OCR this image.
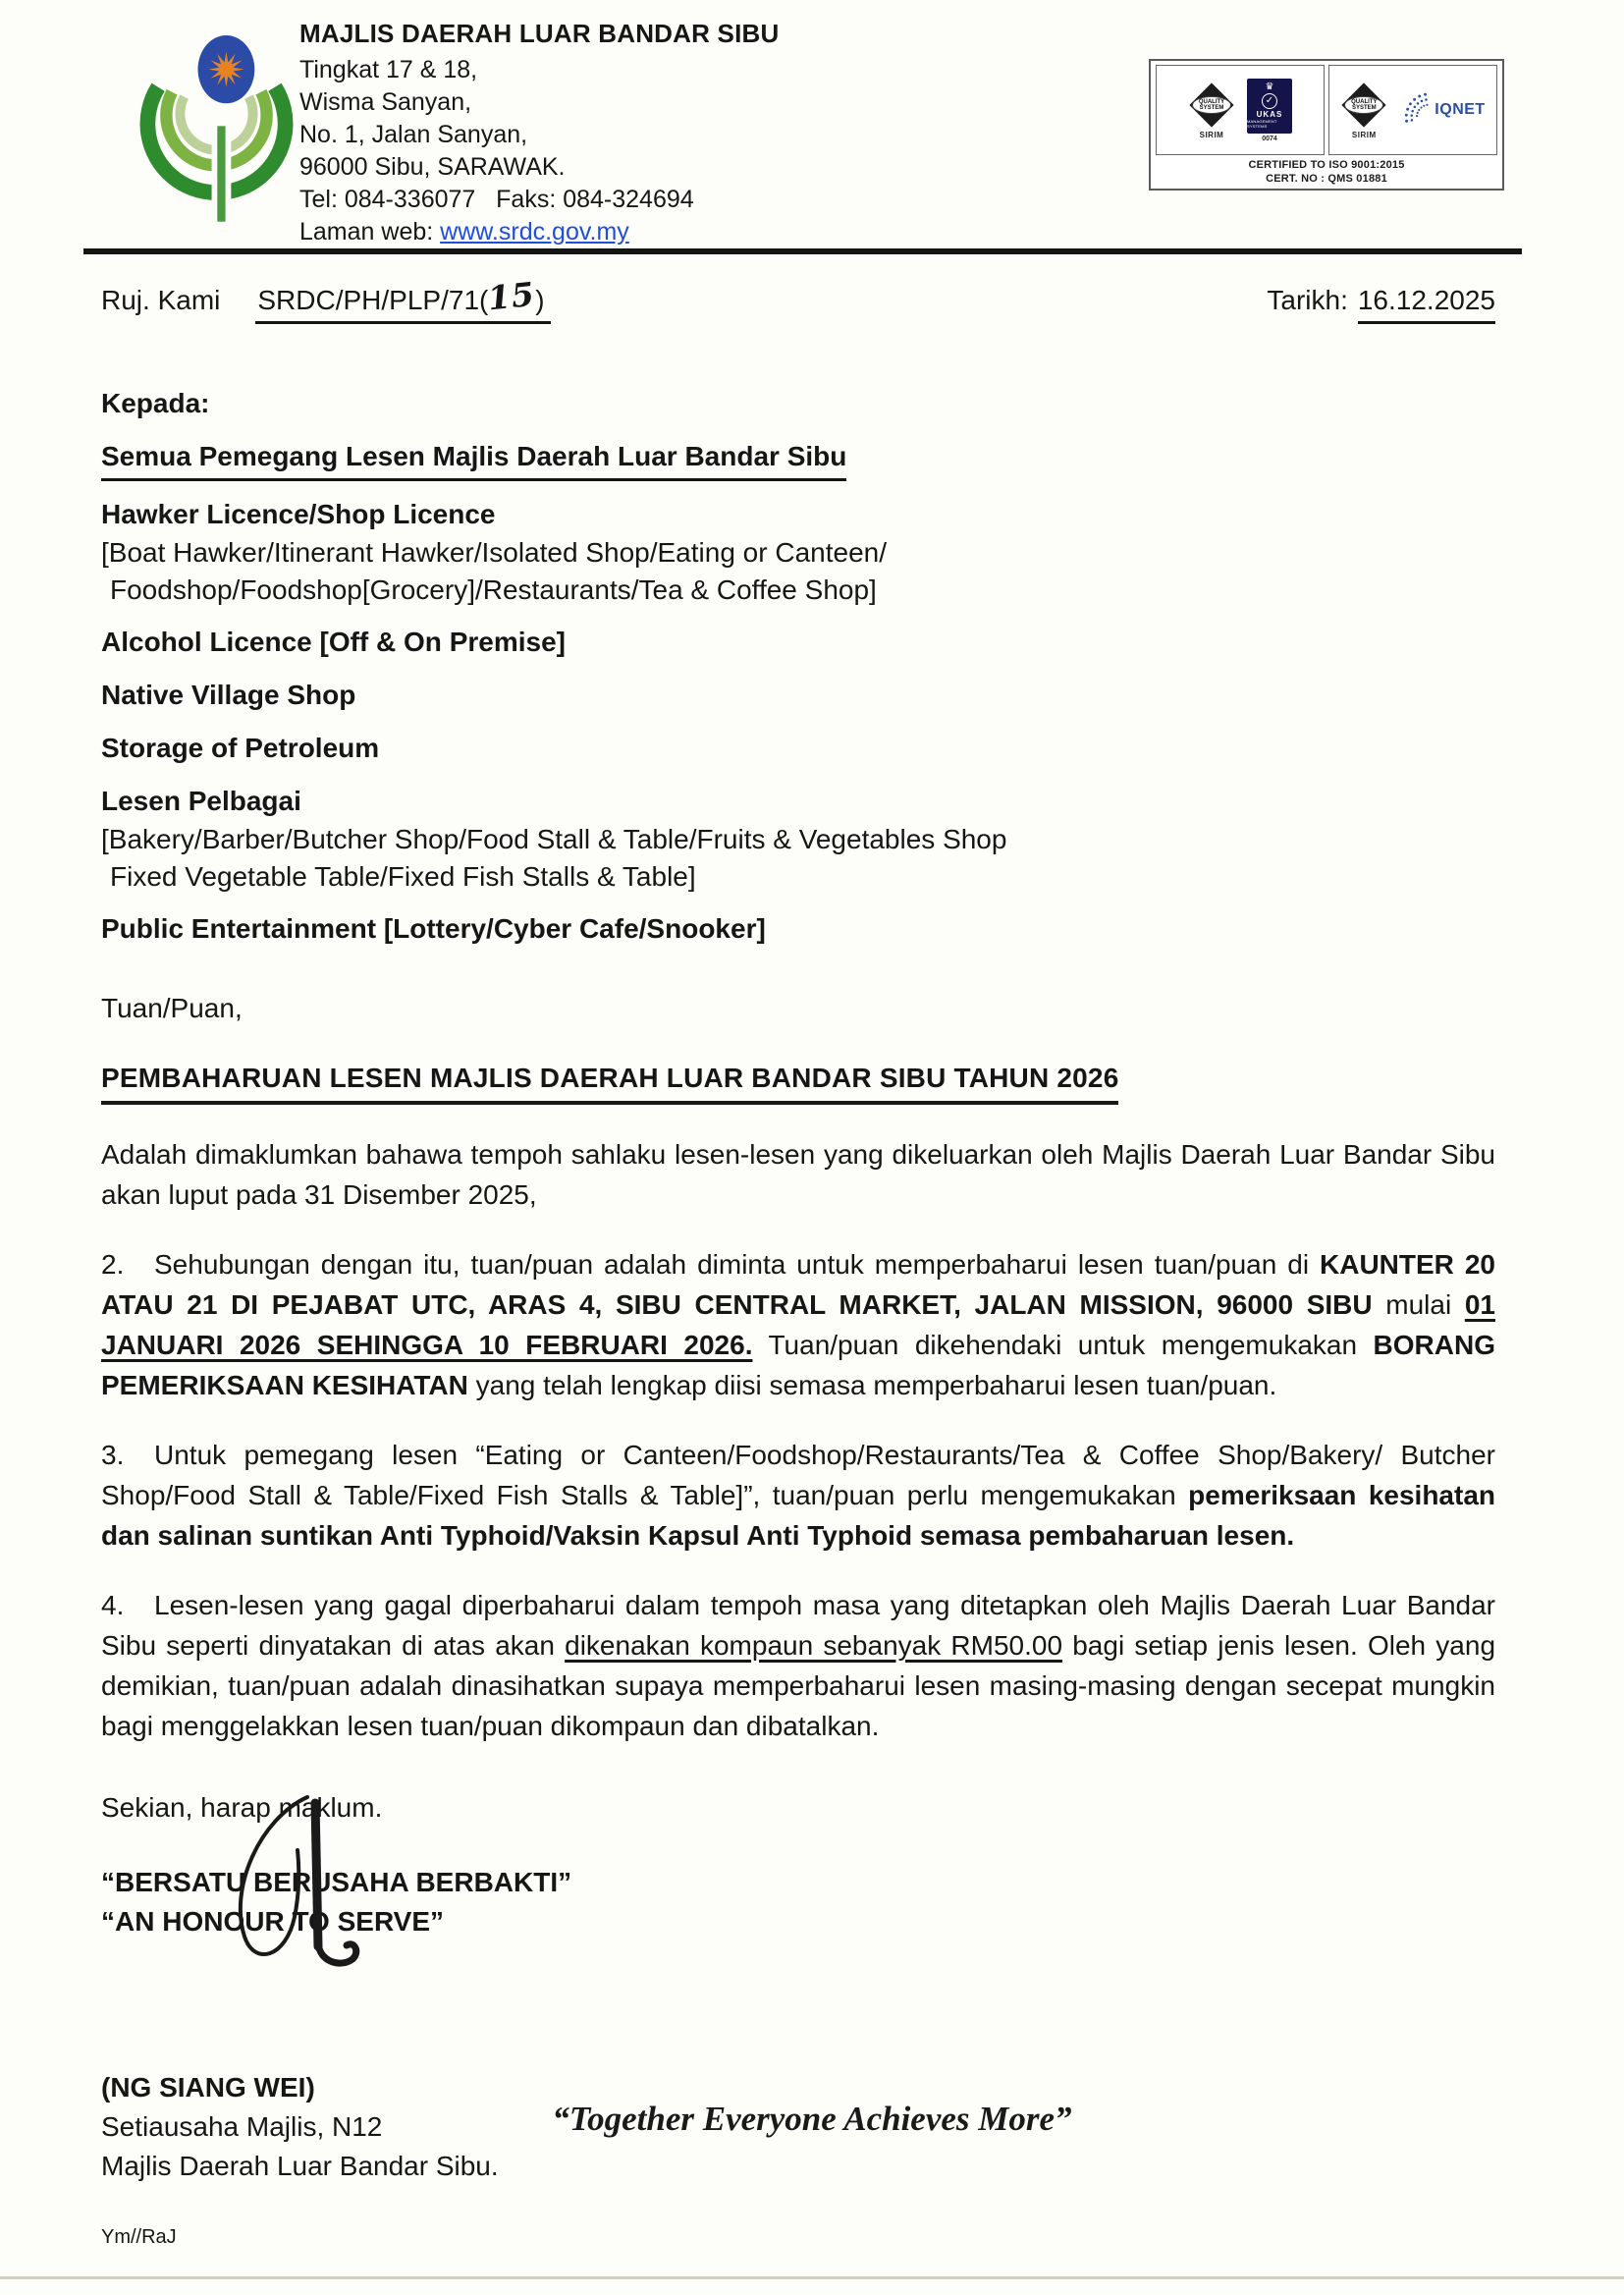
MAJLIS DAERAH LUAR BANDAR SIBU
Tingkat 17 & 18,
Wisma Sanyan,
No. 1, Jalan Sanyan,
96000 Sibu, SARAWAK.
Tel: 084-336077   Faks: 084-324694
Laman web: www.srdc.gov.my
QUALITY SYSTEM
SIRIM
♛
✓
UKAS
MANAGEMENT SYSTEMS
0074
QUALITY SYSTEM
SIRIM
IQNET
CERTIFIED TO ISO 9001:2015
CERT. NO : QMS 01881
Ruj. Kami SRDC/PH/PLP/71(15)	Tarikh: 16.12.2025
Kepada:
Semua Pemegang Lesen Majlis Daerah Luar Bandar Sibu
Hawker Licence/Shop Licence
[Boat Hawker/Itinerant Hawker/Isolated Shop/Eating or Canteen/
Foodshop/Foodshop[Grocery]/Restaurants/Tea & Coffee Shop]
Alcohol Licence [Off & On Premise]
Native Village Shop
Storage of Petroleum
Lesen Pelbagai
[Bakery/Barber/Butcher Shop/Food Stall & Table/Fruits & Vegetables Shop
Fixed Vegetable Table/Fixed Fish Stalls & Table]
Public Entertainment [Lottery/Cyber Cafe/Snooker]
Tuan/Puan,
PEMBAHARUAN LESEN MAJLIS DAERAH LUAR BANDAR SIBU TAHUN 2026
Adalah dimaklumkan bahawa tempoh sahlaku lesen-lesen yang dikeluarkan oleh Majlis Daerah Luar Bandar Sibu akan luput pada 31 Disember 2025,
2. Sehubungan dengan itu, tuan/puan adalah diminta untuk memperbaharui lesen tuan/puan di KAUNTER 20 ATAU 21 DI PEJABAT UTC, ARAS 4, SIBU CENTRAL MARKET, JALAN MISSION, 96000 SIBU mulai 01 JANUARI 2026 SEHINGGA 10 FEBRUARI 2026. Tuan/puan dikehendaki untuk mengemukakan BORANG PEMERIKSAAN KESIHATAN yang telah lengkap diisi semasa memperbaharui lesen tuan/puan.
3. Untuk pemegang lesen “Eating or Canteen/Foodshop/Restaurants/Tea & Coffee Shop/Bakery/ Butcher Shop/Food Stall & Table/Fixed Fish Stalls & Table]”, tuan/puan perlu mengemukakan pemeriksaan kesihatan dan salinan suntikan Anti Typhoid/Vaksin Kapsul Anti Typhoid semasa pembaharuan lesen.
4. Lesen-lesen yang gagal diperbaharui dalam tempoh masa yang ditetapkan oleh Majlis Daerah Luar Bandar Sibu seperti dinyatakan di atas akan dikenakan kompaun sebanyak RM50.00 bagi setiap jenis lesen. Oleh yang demikian, tuan/puan adalah dinasihatkan supaya memperbaharui lesen masing-masing dengan secepat mungkin bagi menggelakkan lesen tuan/puan dikompaun dan dibatalkan.
Sekian, harap maklum.
“BERSATU BERUSAHA BERBAKTI”
“AN HONOUR TO SERVE”
(NG SIANG WEI)
Setiausaha Majlis, N12
Majlis Daerah Luar Bandar Sibu.
Ym//RaJ
“Together Everyone Achieves More”
